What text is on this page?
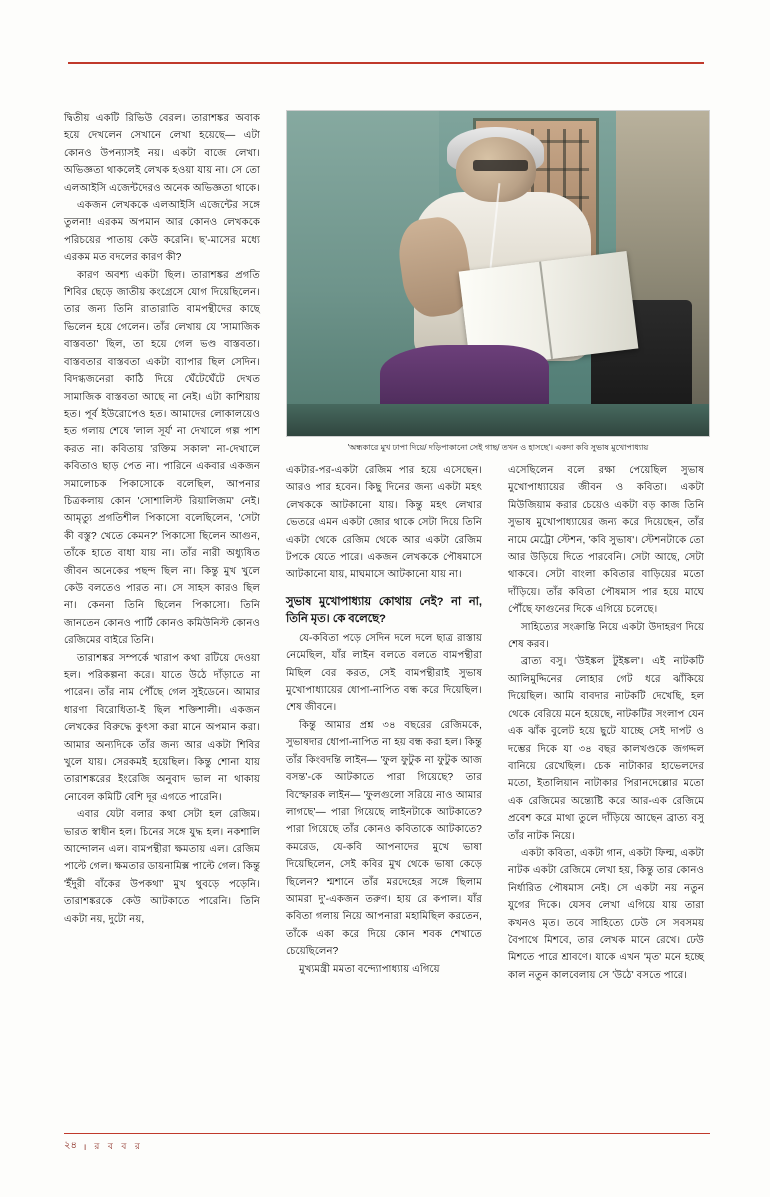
দ্বিতীয় একটি রিভিউ বেরল। তারাশঙ্কর অবাক হয়ে দেখলেন সেখানে লেখা হয়েছে— এটা কোনও উপন্যাসই নয়। একটা বাজে লেখা। অভিজ্ঞতা থাকলেই লেখক হওয়া যায় না। সে তো এলআইসি এজেন্টদেরও অনেক অভিজ্ঞতা থাকে।

একজন লেখককে এলআইসি এজেন্টের সঙ্গে তুলনা! এরকম অপমান আর কোনও লেখককে পরিচয়ের পাতায় কেউ করেনি। ছ'-মাসের মধ্যে এরকম মত বদলের কারণ কী?

কারণ অবশ্য একটা ছিল। তারাশঙ্কর প্রগতি শিবির ছেড়ে জাতীয় কংগ্রেসে যোগ দিয়েছিলেন। তার জন্য তিনি রাতারাতি বামপন্থীদের কাছে ভিলেন হয়ে গেলেন। তাঁর লেখায় যে 'সামাজিক বাস্তবতা' ছিল, তা হয়ে গেল ভণ্ড বাস্তবতা। বাস্তবতার বাস্তবতা একটা ব্যাপার ছিল সেদিন। বিদগ্ধজনেরা কাঠি দিয়ে ঘেঁটেঘেঁটে দেখত সামাজিক বাস্তবতা আছে না নেই। এটা কাশিয়ায় হত। পূর্ব ইউরোপেও হত। আমাদের লোকালয়েও হত গলায় শেষে 'লাল সূর্য' না দেখালে গল্প পাশ করত না। কবিতায় 'রক্তিম সকাল' না-দেখালে কবিতাও ছাড় পেত না। পারিনে একবার একজন সমালোচক পিকাসোকে বলেছিল, আপনার চিত্রকলায় কোন 'সোশালিস্ট রিয়ালিজম' নেই। আমৃত্যু প্রগতিশীল পিকাসো বলেছিলেন, 'সেটা কী বস্তু? খেতে কেমন?' পিকাসো ছিলেন আগুন, তাঁকে হাতে বাধা যায় না। তাঁর নারী অধ্যুষিত জীবন অনেকের পছন্দ ছিল না। কিন্তু মুখ খুলে কেউ বলতেও পারত না। সে সাহস কারও ছিল না। কেননা তিনি ছিলেন পিকাসো। তিনি জানতেন কোনও পার্টি কোনও কমিউনিস্ট কোনও রেজিমের বাইরে তিনি।

তারাশঙ্কর সম্পর্কে খারাপ কথা রটিয়ে দেওয়া হল। পরিকল্পনা করে। যাতে উঠে দাঁড়াতে না পারেন। তাঁর নাম পৌঁছে গেল সুইডেনে। আমার ধারণা বিরোধিতা-ই ছিল শক্তিশালী। একজন লেখকের বিরুদ্ধে কুৎসা করা মানে অপমান করা। আমার অন্যদিকে তাঁর জন্য আর একটা শিবির খুলে যায়। সেরকমই হয়েছিল। কিন্তু শোনা যায় তারাশঙ্করের ইংরেজি অনুবাদ ভাল না থাকায় নোবেল কমিটি বেশি দূর এগতে পারেনি।

এবার যেটা বলার কথা সেটা হল রেজিম। ভারত স্বাধীন হল। চিনের সঙ্গে যুদ্ধ হল। নকশালি আন্দোলন এল। বামপন্থীরা ক্ষমতায় এল। রেজিম পাল্টে গেল। ক্ষমতার ডায়নামিক্স পাল্টে গেল। কিন্তু 'ইঁদুরী বাঁকের উপকথা' মুখ থুবড়ে পড়েনি। তারাশঙ্করকে কেউ আটকাতে পারেনি। তিনি একটা নয়, দুটো নয়,

'অন্ধকারে মুখ ঢাপা দিয়ে/ দড়িপাকানো সেই গাছ/ তখন ও হাসছে'। একদা কবি সুভাষ মুখোপাধ্যায়

একটার-পর-একটা রেজিম পার হয়ে এসেছেন। আরও পার হবেন। কিছু দিনের জন্য একটা মহৎ লেখককে আটকানো যায়। কিন্তু মহৎ লেখার ভেতরে এমন একটা জোর থাকে সেটা দিয়ে তিনি একটা থেকে রেজিম থেকে আর একটা রেজিম টপকে যেতে পারে। একজন লেখককে পৌষমাসে আটকানো যায়, মাঘমাসে আটকানো যায় না।

সুভাষ মুখোপাধ্যায় কোথায় নেই? না না, তিনি মৃত। কে বলেছে?

যে-কবিতা পড়ে সেদিন দলে দলে ছাত্র রাস্তায় নেমেছিল, যাঁর লাইন বলতে বলতে বামপন্থীরা মিছিল বের করত, সেই বামপন্থীরাই সুভাষ মুখোপাধ্যায়ের ধোপা-নাপিত বন্ধ করে দিয়েছিল। শেষ জীবনে।

কিন্তু আমার প্রশ্ন ৩৪ বছরের রেজিমকে, সুভাষদার ধোপা-নাপিত না হয় বন্ধ করা হল। কিন্তু তাঁর কিংবদন্তি লাইন— 'ফুল ফুটুক না ফুটুক আজ বসন্ত'-কে আটকাতে পারা গিয়েছে? তার বিস্ফোরক লাইন— 'ফুলগুলো সরিয়ে নাও আমার লাগছে'— পারা গিয়েছে লাইনটাকে আটকাতে? পারা গিয়েছে তাঁর কোনও কবিতাকে আটকাতে? কমরেড, যে-কবি আপনাদের মুখে ভাষা দিয়েছিলেন, সেই কবির মুখ থেকে ভাষা কেড়ে ছিলেন? শ্মশানে তাঁর মরদেহের সঙ্গে ছিলাম আমরা দু'-একজন তরুণ। হায় রে কপাল। যাঁর কবিতা গলায় নিয়ে আপনারা মহামিছিল করতেন, তাঁকে একা করে দিয়ে কোন শবক শেখাতে চেয়েছিলেন?

মুখ্যমন্ত্রী মমতা বন্দ্যোপাধ্যায় এগিয়ে

এসেছিলেন বলে রক্ষা পেয়েছিল সুভাষ মুখোপাধ্যায়ের জীবন ও কবিতা। একটা মিউজিয়াম করার চেয়েও একটা বড় কাজ তিনি সুভাষ মুখোপাধ্যায়ের জন্য করে দিয়েছেন, তাঁর নামে মেট্রো স্টেশন, 'কবি সুভাষ'। স্টেশনটাকে তো আর উড়িয়ে দিতে পারবেনি। সেটা আছে, সেটা থাকবে। সেটা বাংলা কবিতার বাড়িয়ের মতো দাঁড়িয়ে। তাঁর কবিতা পৌষমাস পার হয়ে মাঘে পৌঁছে ফাগুনের দিকে এগিয়ে চলেছে।

সাহিত্যের সংক্রান্তি নিয়ে একটা উদাহরণ দিয়ে শেষ করব।

ব্রাত্য বসু। 'উইঙ্কল টুইঙ্কল'। এই নাটকটি আলিমুদ্দিনের লোহার গেট ধরে ঝাঁকিয়ে দিয়েছিল। আমি বাবদার নাটকটি দেখেছি, হল থেকে বেরিয়ে মনে হয়েছে, নাটকটির সংলাপ যেন এক ঝাঁক বুলেট হয়ে ছুটে যাচ্ছে সেই দাপট ও দম্ভের দিকে যা ৩৪ বছর কালখণ্ডকে জগদ্দল বানিয়ে রেখেছিল। চেক নাটাকার হাভেলদের মতো, ইতালিয়ান নাটাকার পিরানদেল্লোর মতো এক রেজিমের অন্ত্যেষ্টি করে আর-এক রেজিমে প্রবেশ করে মাথা তুলে দাঁড়িয়ে আছেন ব্রাত্য বসু তাঁর নাটক নিয়ে।

একটা কবিতা, একটা গান, একটা ফিল্ম, একটা নাটক একটা রেজিমে লেখা হয়, কিন্তু তার কোনও নির্ধারিত পৌষমাস নেই। সে একটা নয় নতুন যুগের দিকে। যেসব লেখা এগিয়ে যায় তারা কখনও মৃত। তবে সাহিত্যে ঢেউ সে সবসময় বৈপাথে মিশবে, তার লেখক মানে রেখে। ঢেউ মিশতে পারে শ্রাবণে। যাকে এখন 'মৃত' মনে হচ্ছে কাল নতুন কালবেলায় সে 'উঠে' বসতে পারে।

২৪ । র ব ব র
